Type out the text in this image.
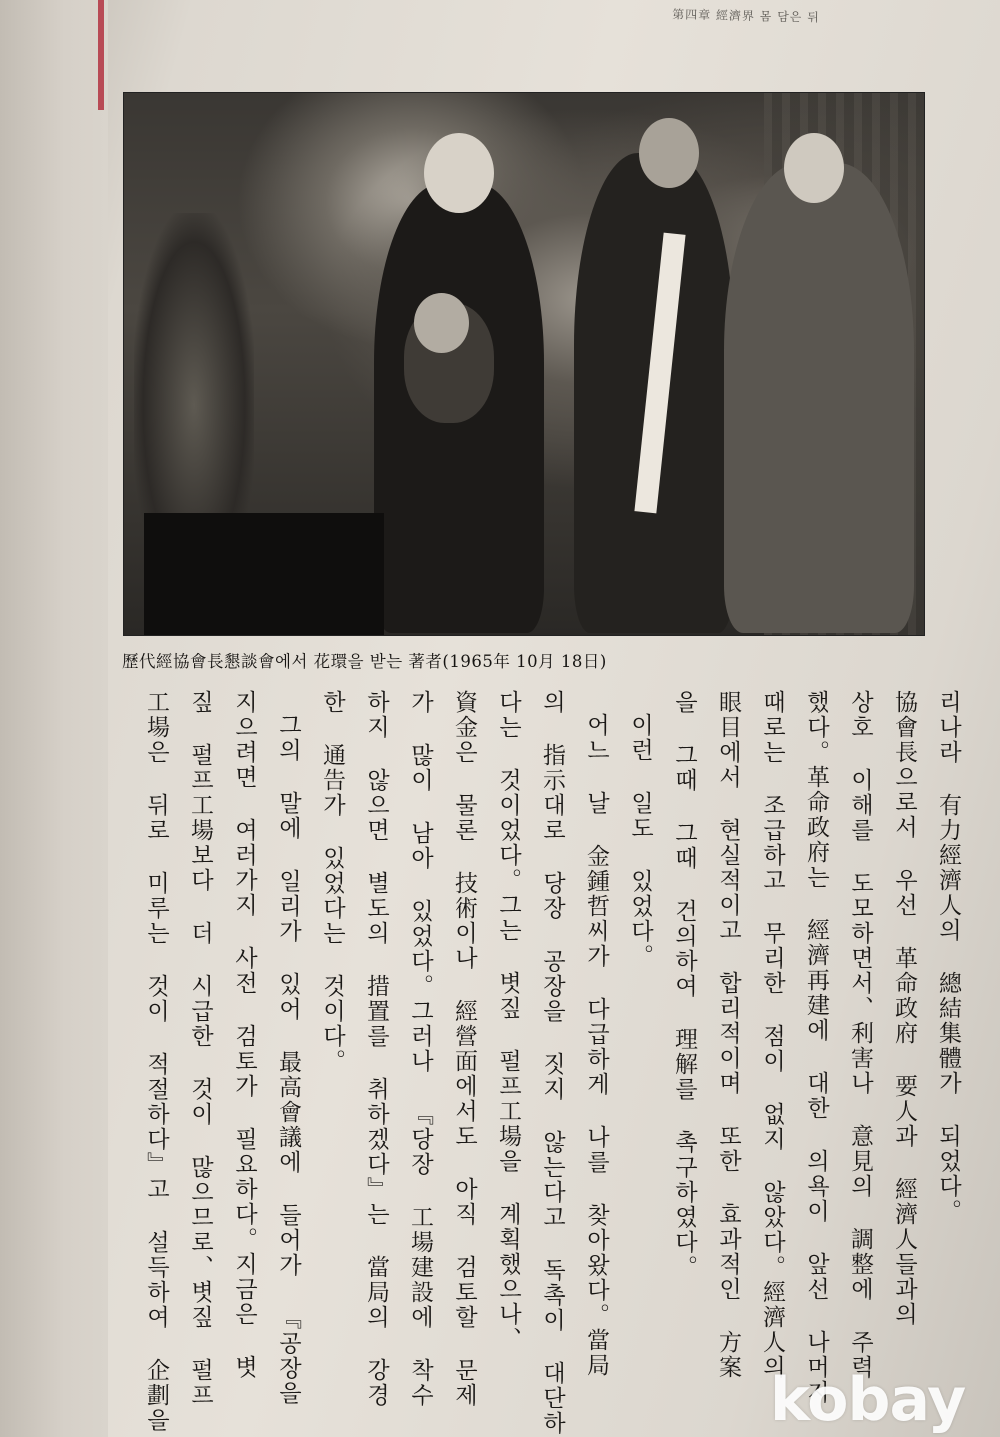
第四章 經濟界 몸 담은 뒤
歷代經協會長懇談會에서 花環을 받는 著者(1965年 10月 18日)
리나라 有力經濟人의 總結集體가 되었다。
協會長으로서 우선 革命政府 要人과 經濟人들과의
상호 이해를 도모하면서、利害나 意見의 調整에 주력
했다。革命政府는 經濟再建에 대한 의욕이 앞선 나머지
때로는 조급하고 무리한 점이 없지 않았다。經濟人의
眼目에서 현실적이고 합리적이며 또한 효과적인 方案
을 그때 그때 건의하여 理解를 촉구하였다。
이런 일도 있었다。
어느 날 金鍾哲씨가 다급하게 나를 찾아왔다。當局
의 指示대로 당장 공장을 짓지 않는다고 독촉이 대단하
다는 것이었다。그는 볏짚 펄프工場을 계획했으나、
資金은 물론 技術이나 經營面에서도 아직 검토할 문제
가 많이 남아 있었다。그러나 『당장 工場建設에 착수
하지 않으면 별도의 措置를 취하겠다』는 當局의 강경
한 通告가 있었다는 것이다。
그의 말에 일리가 있어 最高會議에 들어가 『공장을
지으려면 여러가지 사전 검토가 필요하다。지금은 볏
짚 펄프工場보다 더 시급한 것이 많으므로、볏짚 펄프
工場은 뒤로 미루는 것이 적절하다』고 설득하여 企劃을	kobay
